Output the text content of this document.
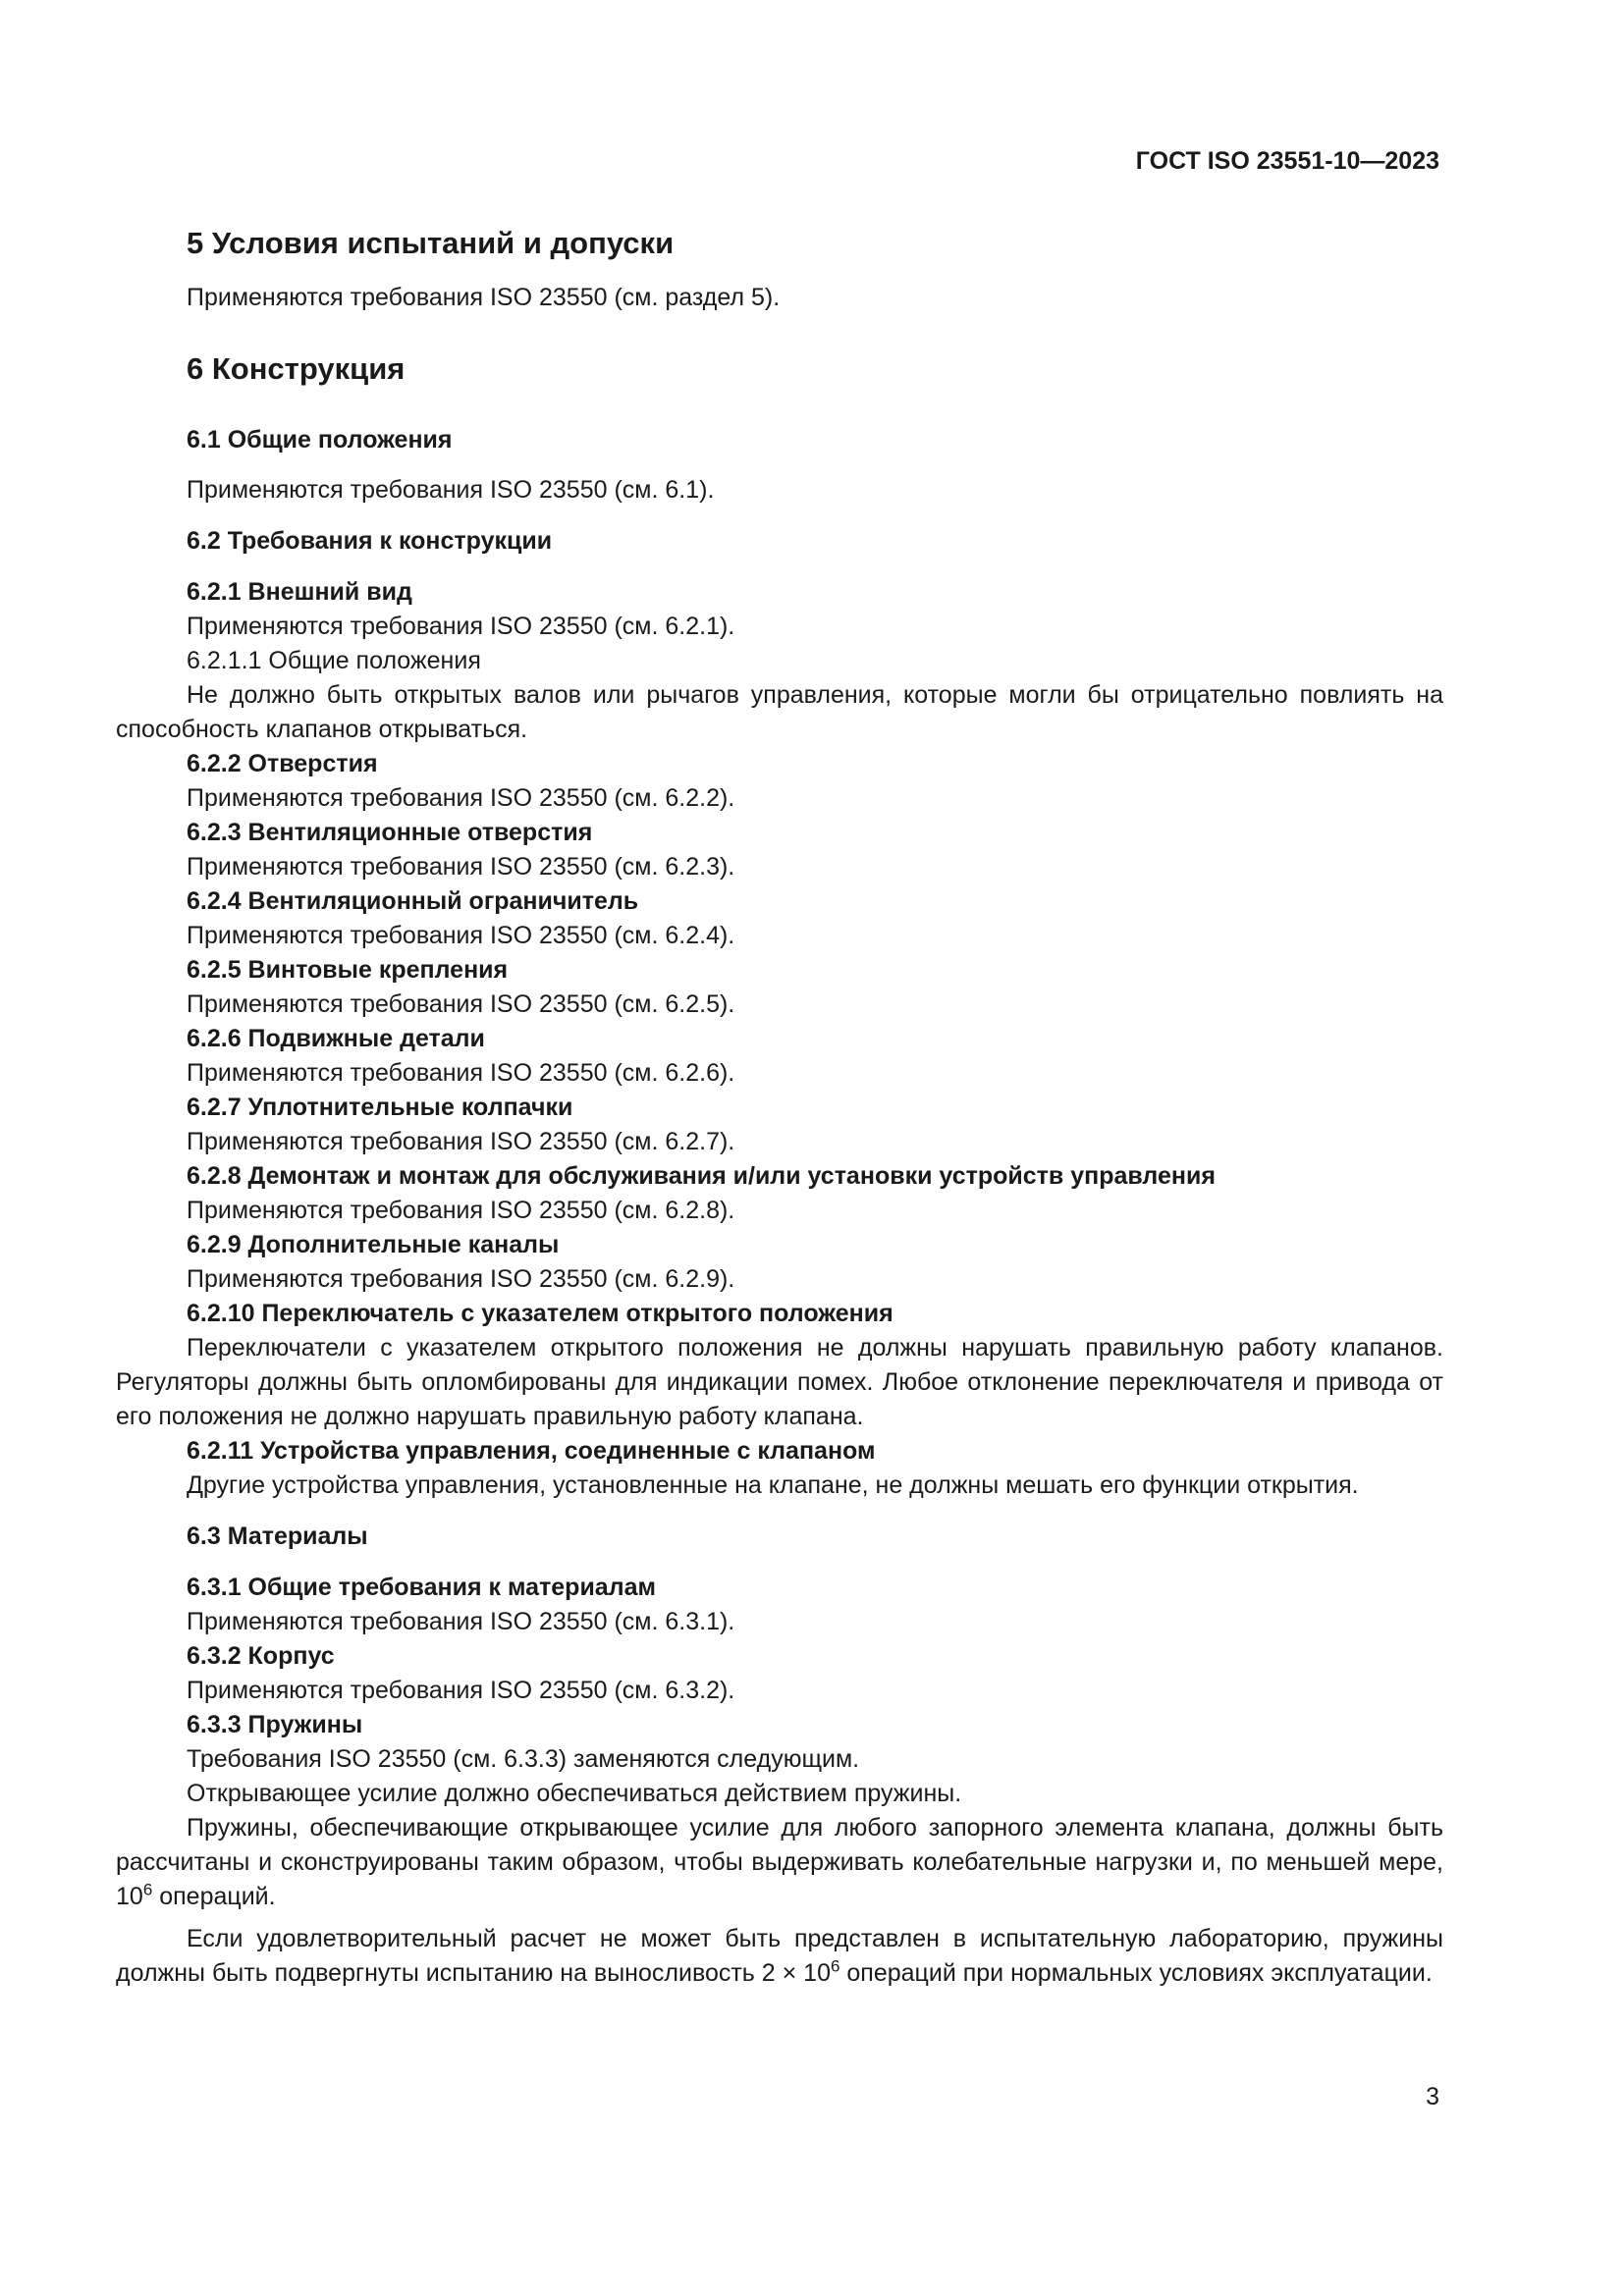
ГОСТ ISO 23551-10—2023
5 Условия испытаний и допуски
Применяются требования ISO 23550 (см. раздел 5).
6 Конструкция
6.1 Общие положения
Применяются требования ISO 23550 (см. 6.1).
6.2 Требования к конструкции
6.2.1 Внешний вид
Применяются требования ISO 23550 (см. 6.2.1).
6.2.1.1 Общие положения
Не должно быть открытых валов или рычагов управления, которые могли бы отрицательно повлиять на способность клапанов открываться.
6.2.2 Отверстия
Применяются требования ISO 23550 (см. 6.2.2).
6.2.3 Вентиляционные отверстия
Применяются требования ISO 23550 (см. 6.2.3).
6.2.4 Вентиляционный ограничитель
Применяются требования ISO 23550 (см. 6.2.4).
6.2.5 Винтовые крепления
Применяются требования ISO 23550 (см. 6.2.5).
6.2.6 Подвижные детали
Применяются требования ISO 23550 (см. 6.2.6).
6.2.7 Уплотнительные колпачки
Применяются требования ISO 23550 (см. 6.2.7).
6.2.8 Демонтаж и монтаж для обслуживания и/или установки устройств управления
Применяются требования ISO 23550 (см. 6.2.8).
6.2.9 Дополнительные каналы
Применяются требования ISO 23550 (см. 6.2.9).
6.2.10 Переключатель с указателем открытого положения
Переключатели с указателем открытого положения не должны нарушать правильную работу клапанов. Регуляторы должны быть опломбированы для индикации помех. Любое отклонение переключателя и привода от его положения не должно нарушать правильную работу клапана.
6.2.11 Устройства управления, соединенные с клапаном
Другие устройства управления, установленные на клапане, не должны мешать его функции открытия.
6.3 Материалы
6.3.1 Общие требования к материалам
Применяются требования ISO 23550 (см. 6.3.1).
6.3.2 Корпус
Применяются требования ISO 23550 (см. 6.3.2).
6.3.3 Пружины
Требования ISO 23550 (см. 6.3.3) заменяются следующим.
Открывающее усилие должно обеспечиваться действием пружины.
Пружины, обеспечивающие открывающее усилие для любого запорного элемента клапана, должны быть рассчитаны и сконструированы таким образом, чтобы выдерживать колебательные нагрузки и, по меньшей мере, $10^6$ операций.
Если удовлетворительный расчет не может быть представлен в испытательную лабораторию, пружины должны быть подвергнуты испытанию на выносливость $2 \times 10^6$ операций при нормальных условиях эксплуатации.
3
